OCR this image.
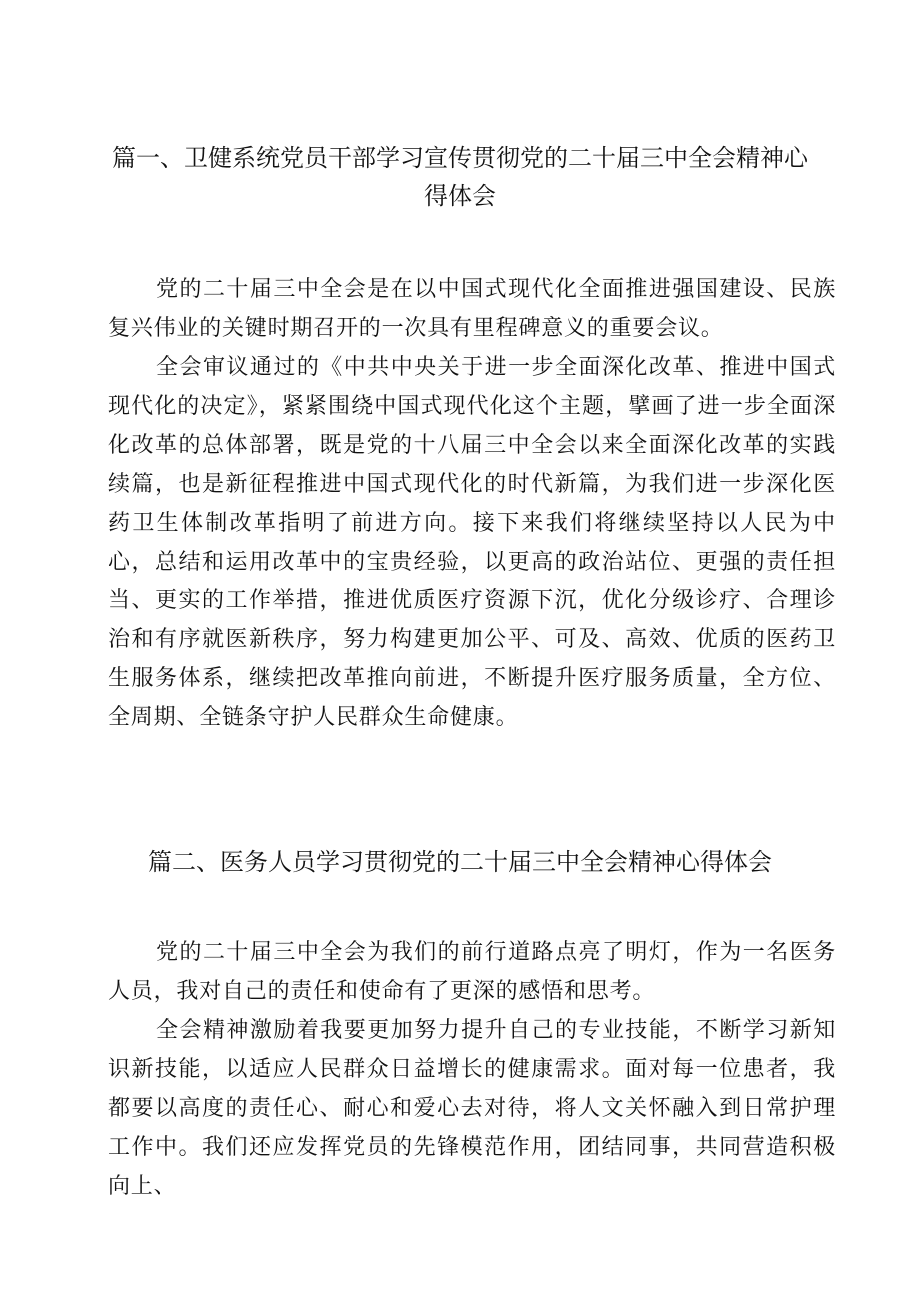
篇一、卫健系统党员干部学习宣传贯彻党的二十届三中全会精神心得体会

党的二十届三中全会是在以中国式现代化全面推进强国建设、民族复兴伟业的关键时期召开的一次具有里程碑意义的重要会议。

全会审议通过的《中共中央关于进一步全面深化改革、推进中国式现代化的决定》，紧紧围绕中国式现代化这个主题，擘画了进一步全面深化改革的总体部署，既是党的十八届三中全会以来全面深化改革的实践续篇，也是新征程推进中国式现代化的时代新篇，为我们进一步深化医药卫生体制改革指明了前进方向。接下来我们将继续坚持以人民为中心，总结和运用改革中的宝贵经验，以更高的政治站位、更强的责任担当、更实的工作举措，推进优质医疗资源下沉，优化分级诊疗、合理诊治和有序就医新秩序，努力构建更加公平、可及、高效、优质的医药卫生服务体系，继续把改革推向前进，不断提升医疗服务质量，全方位、全周期、全链条守护人民群众生命健康。

篇二、医务人员学习贯彻党的二十届三中全会精神心得体会

党的二十届三中全会为我们的前行道路点亮了明灯，作为一名医务人员，我对自己的责任和使命有了更深的感悟和思考。

全会精神激励着我要更加努力提升自己的专业技能，不断学习新知识新技能，以适应人民群众日益增长的健康需求。面对每一位患者，我都要以高度的责任心、耐心和爱心去对待，将人文关怀融入到日常护理工作中。我们还应发挥党员的先锋模范作用，团结同事，共同营造积极向上、
